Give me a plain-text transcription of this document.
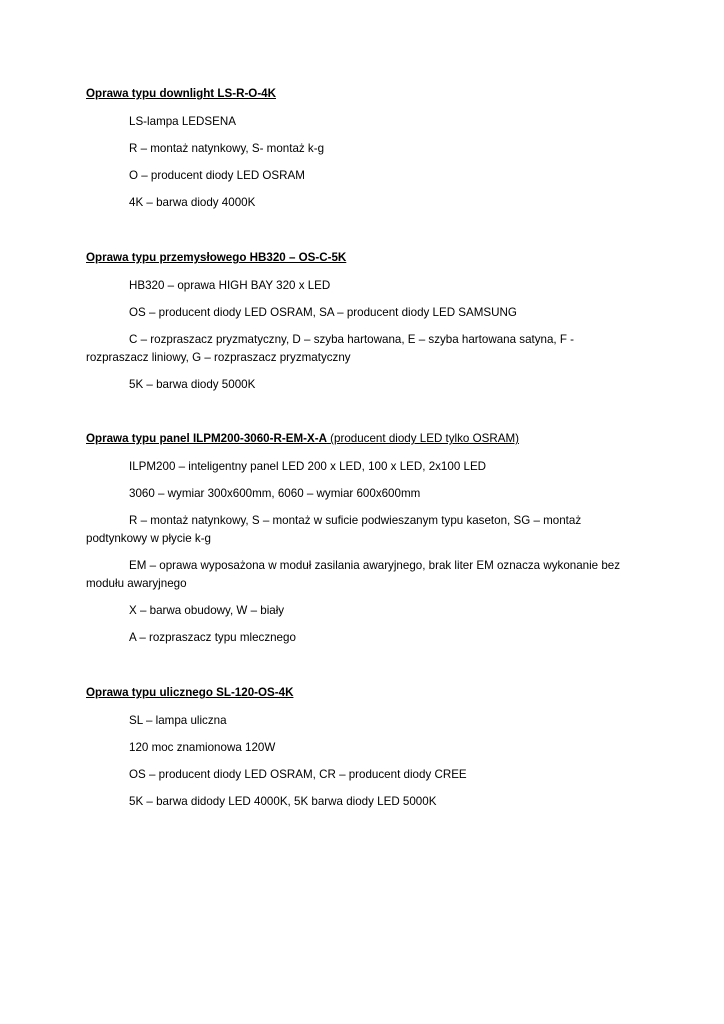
Oprawa typu downlight LS-R-O-4K
LS-lampa LEDSENA
R – montaż natynkowy, S- montaż k-g
O – producent diody LED OSRAM
4K – barwa diody 4000K
Oprawa typu przemysłowego HB320 – OS-C-5K
HB320 – oprawa HIGH BAY 320 x LED
OS – producent diody LED OSRAM, SA – producent diody LED SAMSUNG
C – rozpraszacz pryzmatyczny, D – szyba hartowana, E – szyba hartowana satyna, F - rozpraszacz liniowy, G – rozpraszacz pryzmatyczny
5K – barwa diody 5000K
Oprawa typu panel ILPM200-3060-R-EM-X-A (producent diody LED tylko OSRAM)
ILPM200 – inteligentny panel LED 200 x LED, 100 x LED, 2x100 LED
3060 – wymiar 300x600mm, 6060 – wymiar 600x600mm
R – montaż natynkowy, S – montaż w suficie podwieszanym typu kaseton, SG – montaż podtynkowy w płycie k-g
EM – oprawa wyposażona w moduł zasilania awaryjnego, brak liter EM oznacza wykonanie bez modułu awaryjnego
X – barwa obudowy, W – biały
A – rozpraszacz typu mlecznego
Oprawa typu ulicznego SL-120-OS-4K
SL – lampa uliczna
120 moc znamionowa 120W
OS – producent diody LED OSRAM, CR – producent diody CREE
5K – barwa didody LED 4000K, 5K barwa diody LED 5000K
